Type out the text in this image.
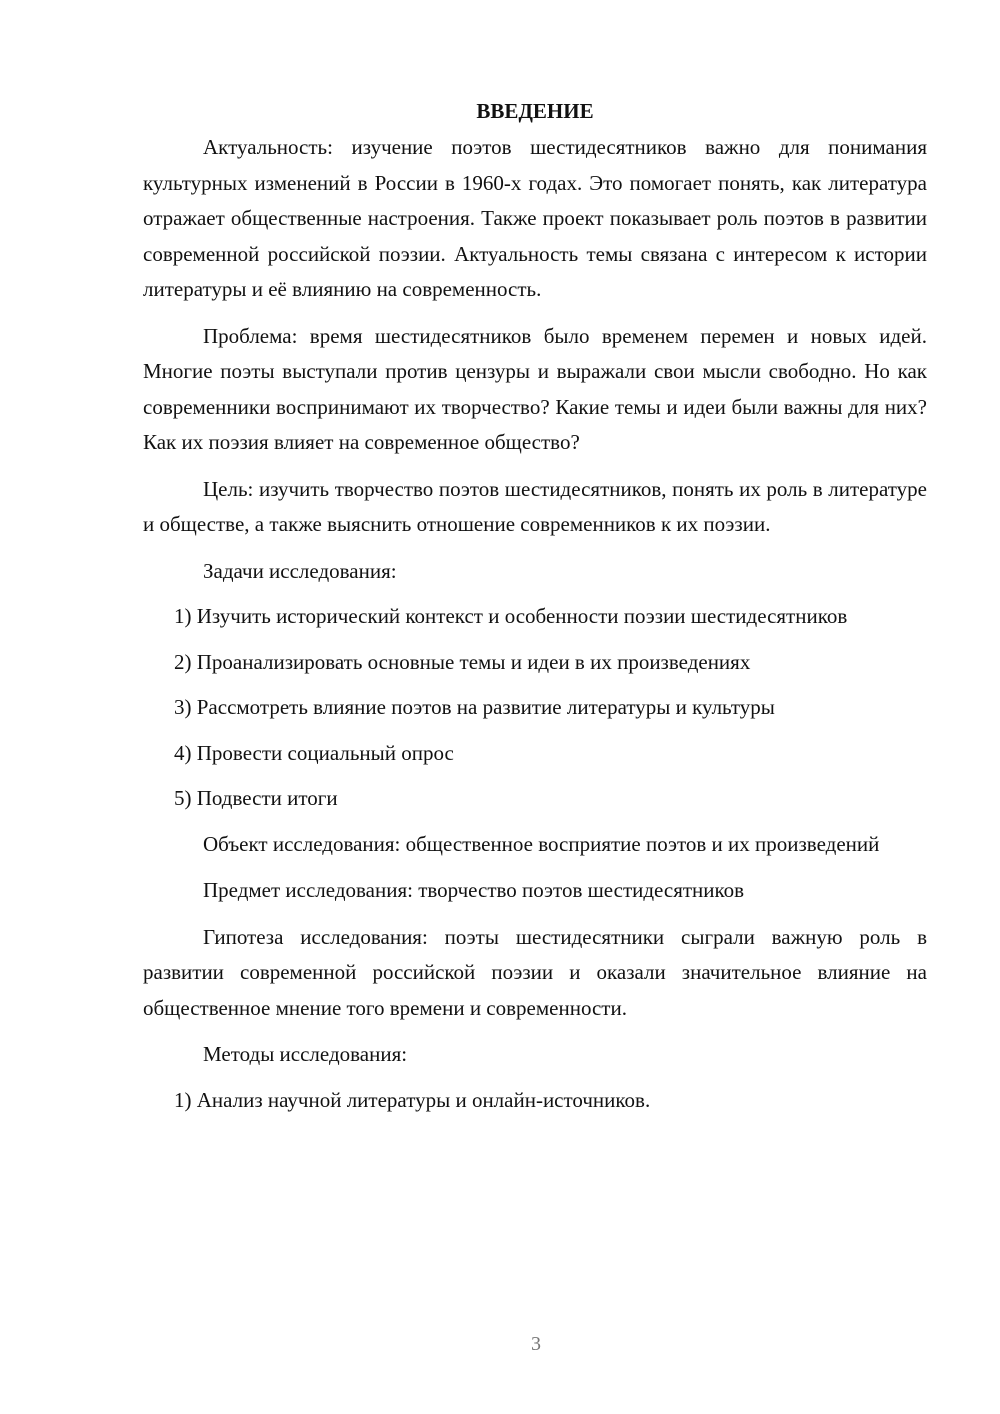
ВВЕДЕНИЕ

Актуальность: изучение поэтов шестидесятников важно для понимания культурных изменений в России в 1960-х годах. Это помогает понять, как литература отражает общественные настроения. Также проект показывает роль поэтов в развитии современной российской поэзии. Актуальность темы связана с интересом к истории литературы и её влиянию на современность.

Проблема: время шестидесятников было временем перемен и новых идей. Многие поэты выступали против цензуры и выражали свои мысли свободно. Но как современники воспринимают их творчество? Какие темы и идеи были важны для них? Как их поэзия влияет на современное общество?

Цель: изучить творчество поэтов шестидесятников, понять их роль в литературе и обществе, а также выяснить отношение современников к их поэзии.

Задачи исследования:

1) Изучить исторический контекст и особенности поэзии шестидесятников

2) Проанализировать основные темы и идеи в их произведениях

3) Рассмотреть влияние поэтов на развитие литературы и культуры

4) Провести социальный опрос

5) Подвести итоги

Объект исследования: общественное восприятие поэтов и их произведений

Предмет исследования: творчество поэтов шестидесятников

Гипотеза исследования: поэты шестидесятники сыграли важную роль в развитии современной российской поэзии и оказали значительное влияние на общественное мнение того времени и современности.

Методы исследования:

1) Анализ научной литературы и онлайн-источников.

3
